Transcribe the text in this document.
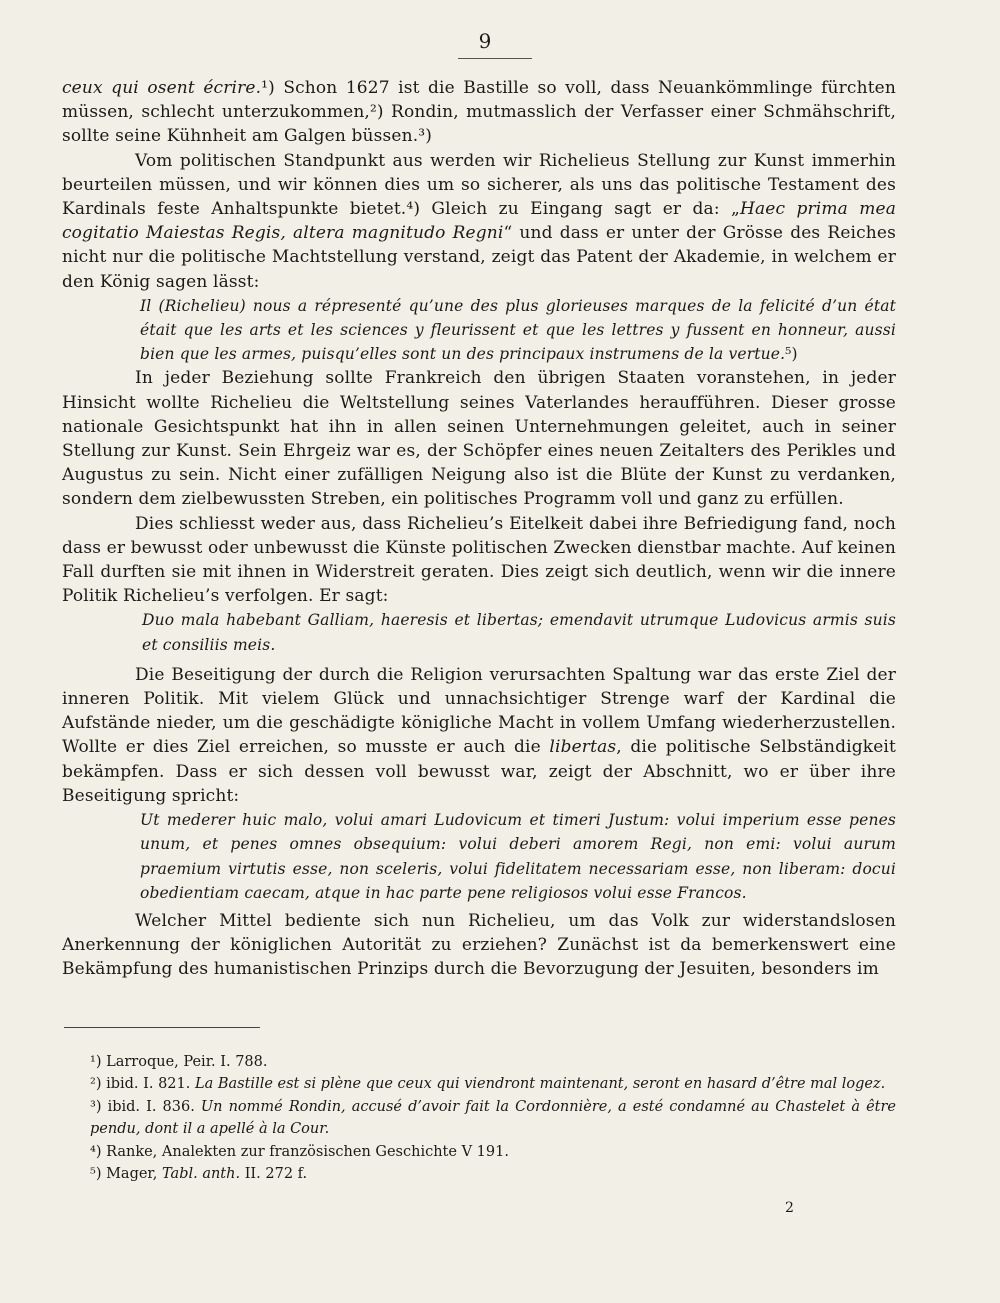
9

ceux qui osent écrire.¹) Schon 1627 ist die Bastille so voll, dass Neuankömmlinge fürchten müssen, schlecht unterzukommen,²) Rondin, mutmasslich der Verfasser einer Schmähschrift, sollte seine Kühnheit am Galgen büssen.³)

Vom politischen Standpunkt aus werden wir Richelieus Stellung zur Kunst immerhin beurteilen müssen, und wir können dies um so sicherer, als uns das politische Testament des Kardinals feste Anhaltspunkte bietet.⁴) Gleich zu Eingang sagt er da: „Haec prima mea cogitatio Maiestas Regis, altera magnitudo Regni“ und dass er unter der Grösse des Reiches nicht nur die politische Machtstellung verstand, zeigt das Patent der Akademie, in welchem er den König sagen lässt:

Il (Richelieu) nous a répresenté qu’une des plus glorieuses marques de la felicité d’un état était que les arts et les sciences y fleurissent et que les lettres y fussent en honneur, aussi bien que les armes, puisqu’elles sont un des principaux instrumens de la vertue.⁵)

In jeder Beziehung sollte Frankreich den übrigen Staaten voranstehen, in jeder Hinsicht wollte Richelieu die Weltstellung seines Vaterlandes heraufführen. Dieser grosse nationale Gesichtspunkt hat ihn in allen seinen Unternehmungen geleitet, auch in seiner Stellung zur Kunst. Sein Ehrgeiz war es, der Schöpfer eines neuen Zeitalters des Perikles und Augustus zu sein. Nicht einer zufälligen Neigung also ist die Blüte der Kunst zu verdanken, sondern dem zielbewussten Streben, ein politisches Programm voll und ganz zu erfüllen.

Dies schliesst weder aus, dass Richelieu’s Eitelkeit dabei ihre Befriedigung fand, noch dass er bewusst oder unbewusst die Künste politischen Zwecken dienstbar machte. Auf keinen Fall durften sie mit ihnen in Widerstreit geraten. Dies zeigt sich deutlich, wenn wir die innere Politik Richelieu’s verfolgen. Er sagt:

Duo mala habebant Galliam, haeresis et libertas; emendavit utrumque Ludovicus armis suis et consiliis meis.

Die Beseitigung der durch die Religion verursachten Spaltung war das erste Ziel der inneren Politik. Mit vielem Glück und unnachsichtiger Strenge warf der Kardinal die Aufstände nieder, um die geschädigte königliche Macht in vollem Umfang wiederherzustellen. Wollte er dies Ziel erreichen, so musste er auch die libertas, die politische Selbständigkeit bekämpfen. Dass er sich dessen voll bewusst war, zeigt der Abschnitt, wo er über ihre Beseitigung spricht:

Ut mederer huic malo, volui amari Ludovicum et timeri Justum: volui imperium esse penes unum, et penes omnes obsequium: volui deberi amorem Regi, non emi: volui aurum praemium virtutis esse, non sceleris, volui fidelitatem necessariam esse, non liberam: docui obedientiam caecam, atque in hac parte pene religiosos volui esse Francos.

Welcher Mittel bediente sich nun Richelieu, um das Volk zur widerstandslosen Anerkennung der königlichen Autorität zu erziehen? Zunächst ist da bemerkenswert eine Bekämpfung des humanistischen Prinzips durch die Bevorzugung der Jesuiten, besonders im

¹) Larroque, Peir. I. 788.

²) ibid. I. 821. La Bastille est si plène que ceux qui viendront maintenant, seront en hasard d’être mal logez.

³) ibid. I. 836. Un nommé Rondin, accusé d’avoir fait la Cordonnière, a esté condamné au Chastelet à être pendu, dont il a apellé à la Cour.

⁴) Ranke, Analekten zur französischen Geschichte V 191.

⁵) Mager, Tabl. anth. II. 272 f.

2
